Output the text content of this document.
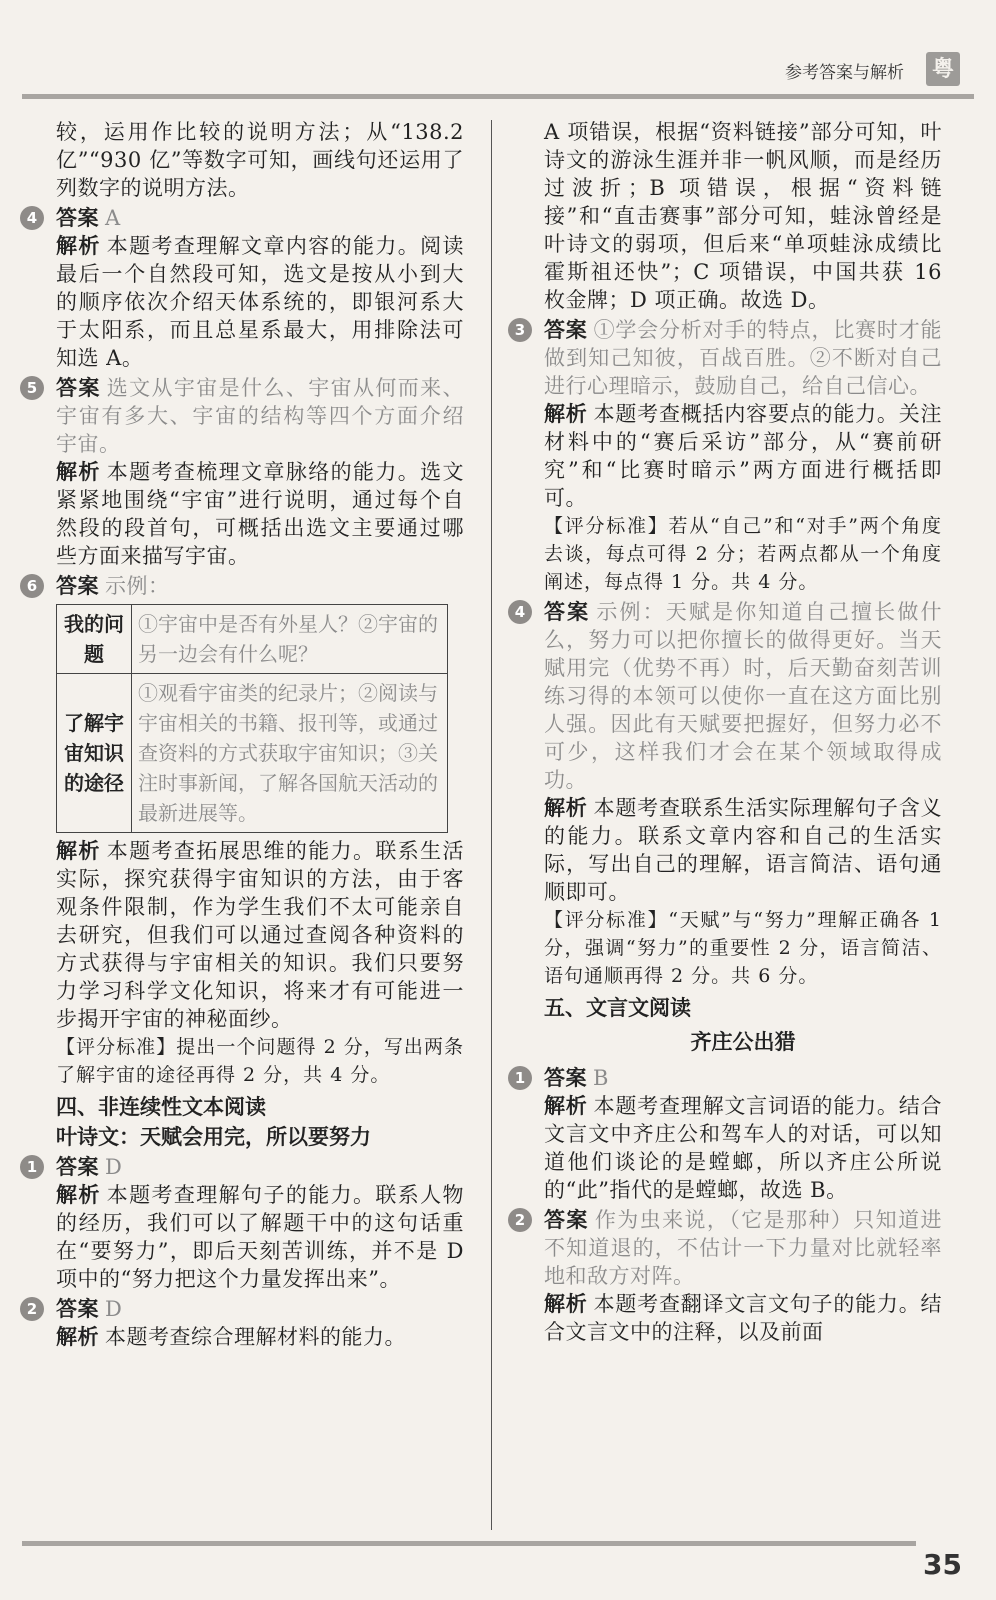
参考答案与解析 粤

较，运用作比较的说明方法；从“138.2 亿”“930 亿”等数字可知，画线句还运用了列数字的说明方法。

4 答案 A

解析 本题考查理解文章内容的能力。阅读最后一个自然段可知，选文是按从小到大的顺序依次介绍天体系统的，即银河系大于太阳系，而且总星系最大，用排除法可知选 A。

5 答案 选文从宇宙是什么、宇宙从何而来、宇宙有多大、宇宙的结构等四个方面介绍宇宙。

解析 本题考查梳理文章脉络的能力。选文紧紧地围绕“宇宙”进行说明，通过每个自然段的段首句，可概括出选文主要通过哪些方面来描写宇宙。

6 答案 示例：

我的问题	①宇宙中是否有外星人？②宇宙的另一边会有什么呢？
了解宇宙知识的途径	①观看宇宙类的纪录片；②阅读与宇宙相关的书籍、报刊等，或通过查资料的方式获取宇宙知识；③关注时事新闻，了解各国航天活动的最新进展等。

解析 本题考查拓展思维的能力。联系生活实际，探究获得宇宙知识的方法，由于客观条件限制，作为学生我们不太可能亲自去研究，但我们可以通过查阅各种资料的方式获得与宇宙相关的知识。我们只要努力学习科学文化知识，将来才有可能进一步揭开宇宙的神秘面纱。

【评分标准】提出一个问题得 2 分，写出两条了解宇宙的途径再得 2 分，共 4 分。

四、非连续性文本阅读
叶诗文：天赋会用完，所以要努力
1 答案 D

解析 本题考查理解句子的能力。联系人物的经历，我们可以了解题干中的这句话重在“要努力”，即后天刻苦训练，并不是 D 项中的“努力把这个力量发挥出来”。

2 答案 D

解析 本题考查综合理解材料的能力。

A 项错误，根据“资料链接”部分可知，叶诗文的游泳生涯并非一帆风顺，而是经历过波折；B 项错误，根据“资料链接”和“直击赛事”部分可知，蛙泳曾经是叶诗文的弱项，但后来“单项蛙泳成绩比霍斯祖还快”；C 项错误，中国共获 16 枚金牌；D 项正确。故选 D。

3 答案 ①学会分析对手的特点，比赛时才能做到知己知彼，百战百胜。②不断对自己进行心理暗示，鼓励自己，给自己信心。

解析 本题考查概括内容要点的能力。关注材料中的“赛后采访”部分，从“赛前研究”和“比赛时暗示”两方面进行概括即可。

【评分标准】若从“自己”和“对手”两个角度去谈，每点可得 2 分；若两点都从一个角度阐述，每点得 1 分。共 4 分。

4 答案 示例：天赋是你知道自己擅长做什么，努力可以把你擅长的做得更好。当天赋用完（优势不再）时，后天勤奋刻苦训练习得的本领可以使你一直在这方面比别人强。因此有天赋要把握好，但努力必不可少，这样我们才会在某个领域取得成功。

解析 本题考查联系生活实际理解句子含义的能力。联系文章内容和自己的生活实际，写出自己的理解，语言简洁、语句通顺即可。

【评分标准】“天赋”与“努力”理解正确各 1 分，强调“努力”的重要性 2 分，语言简洁、语句通顺再得 2 分。共 6 分。

五、文言文阅读
齐庄公出猎
1 答案 B

解析 本题考查理解文言词语的能力。结合文言文中齐庄公和驾车人的对话，可以知道他们谈论的是螳螂，所以齐庄公所说的“此”指代的是螳螂，故选 B。

2 答案 作为虫来说，（它是那种）只知道进不知道退的，不估计一下力量对比就轻率地和敌方对阵。

解析 本题考查翻译文言文句子的能力。结合文言文中的注释，以及前面

35
